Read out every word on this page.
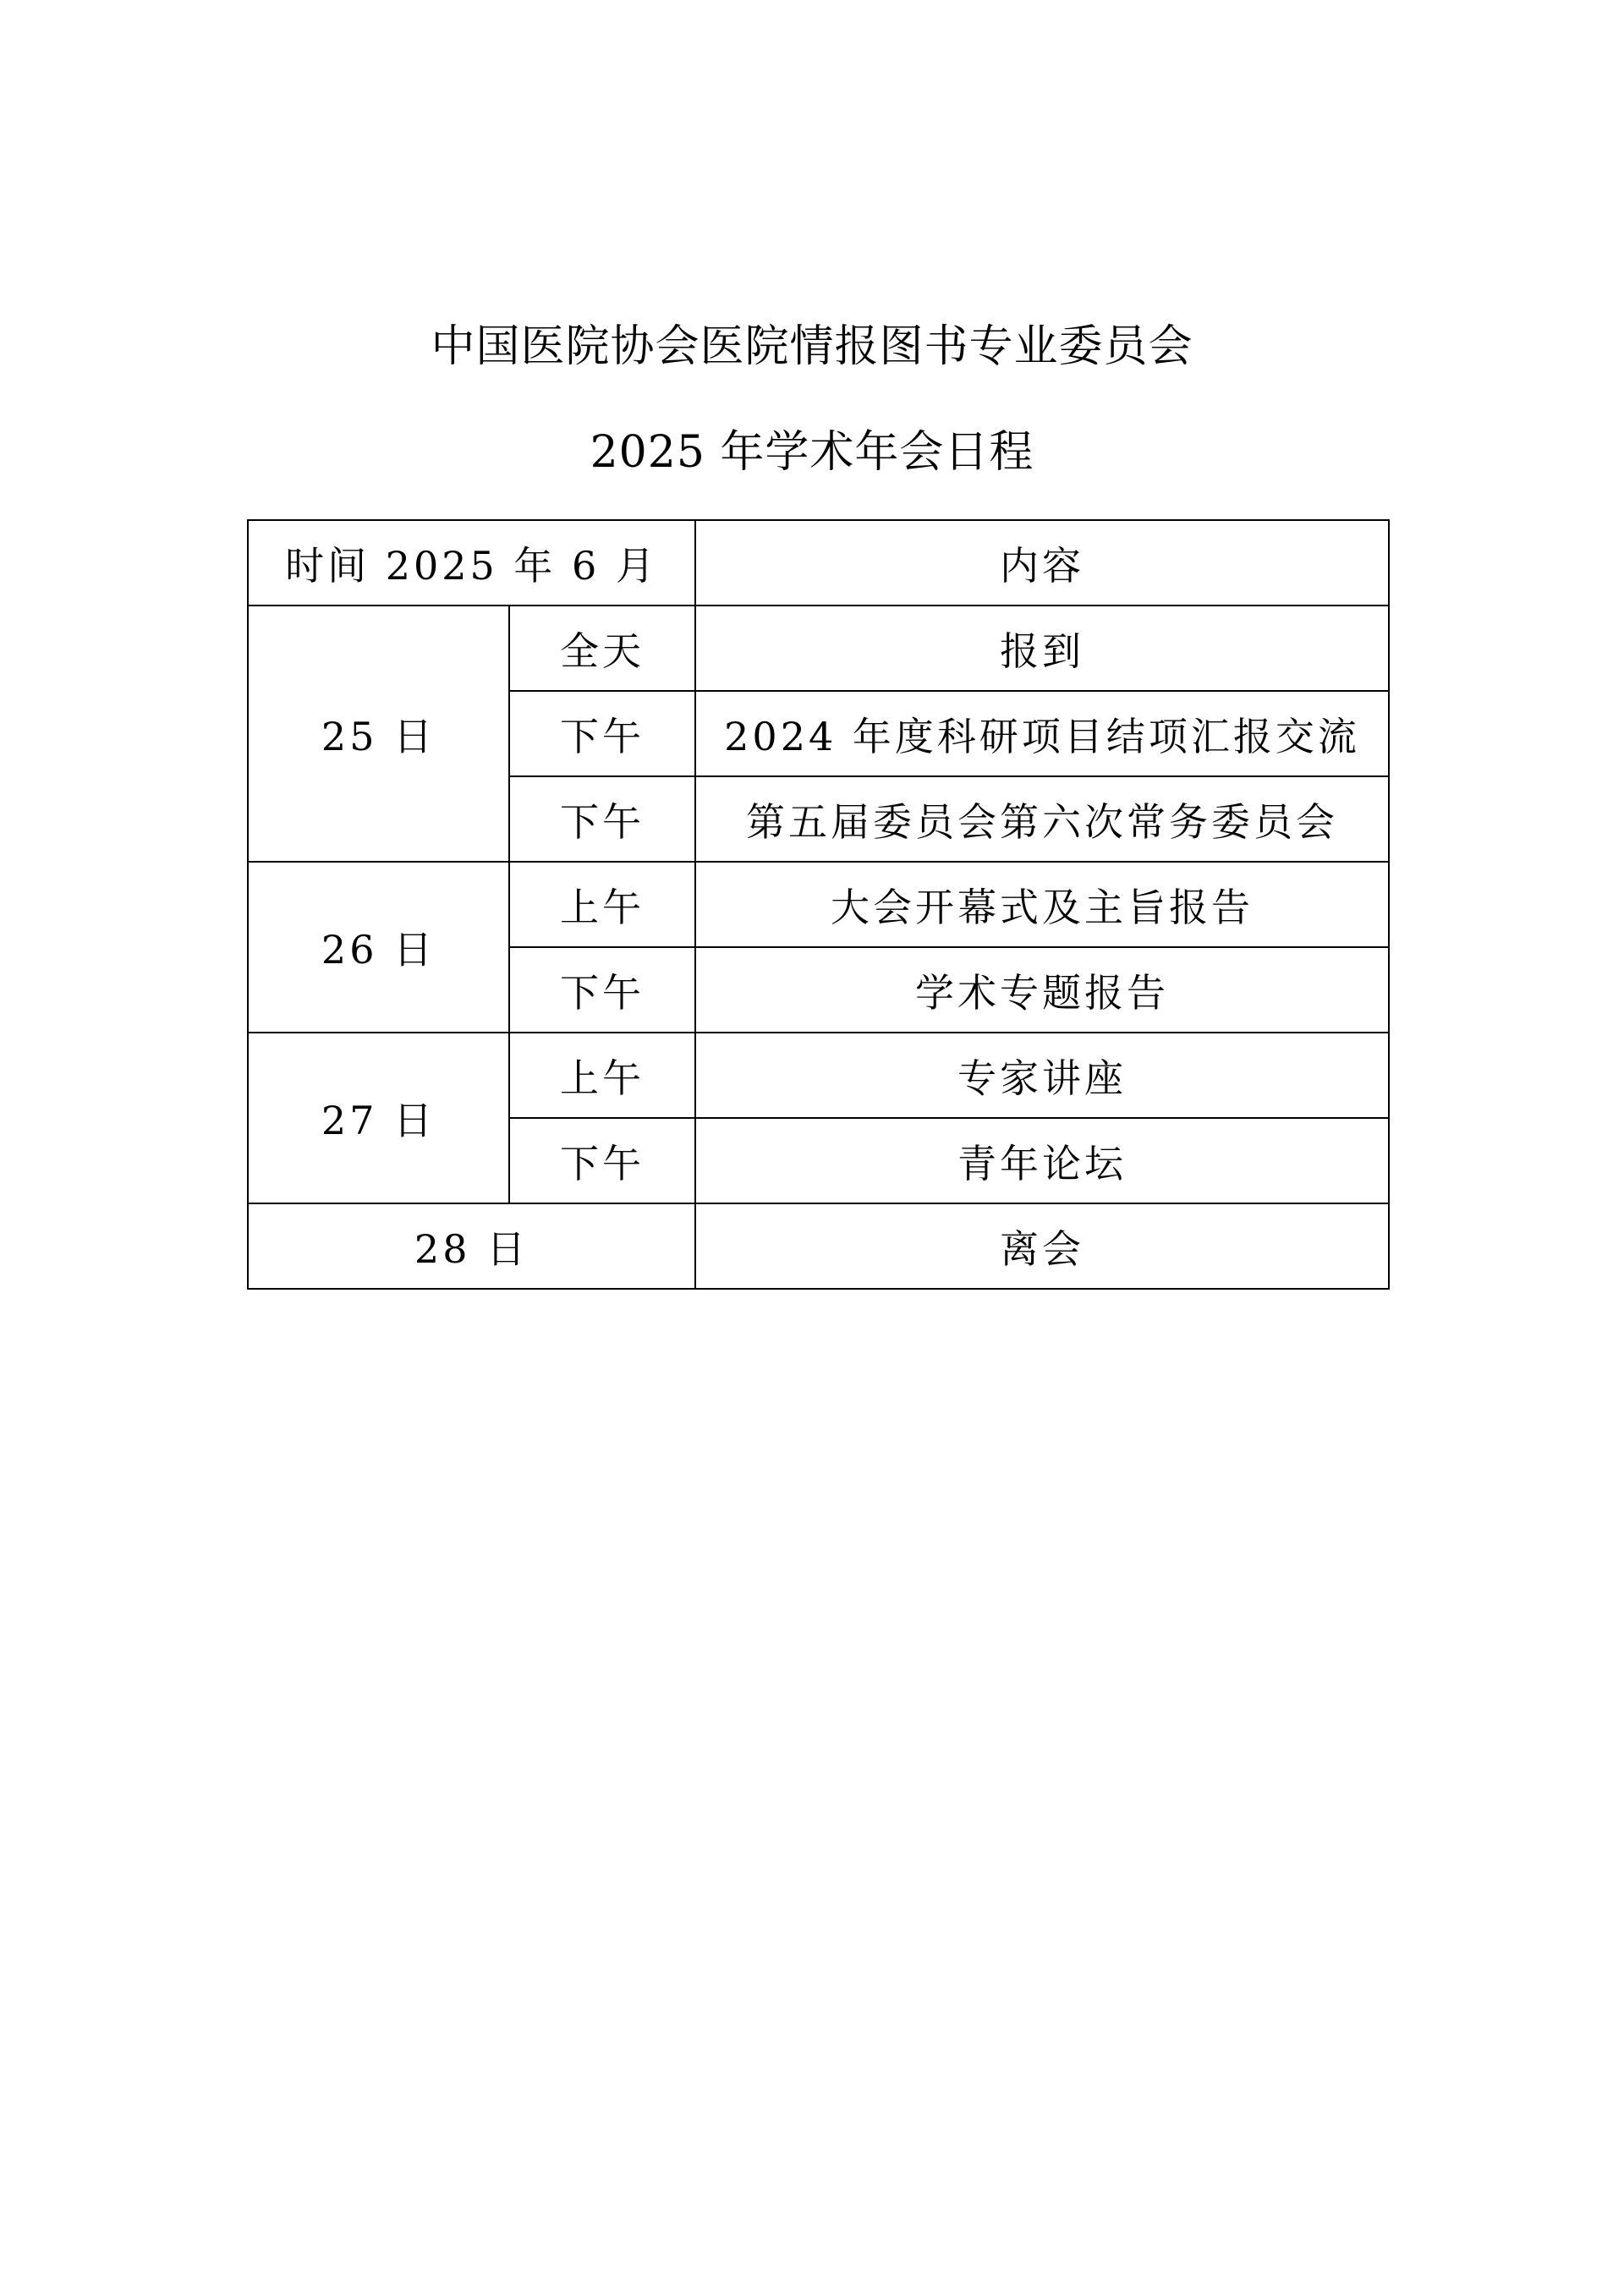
中国医院协会医院情报图书专业委员会
2025 年学术年会日程
时间 2025 年 6 月		内容
25 日	全天	报到
	下午	2024 年度科研项目结项汇报交流
	下午	第五届委员会第六次常务委员会
26 日	上午	大会开幕式及主旨报告
	下午	学术专题报告
27 日	上午	专家讲座
	下午	青年论坛
28 日		离会
